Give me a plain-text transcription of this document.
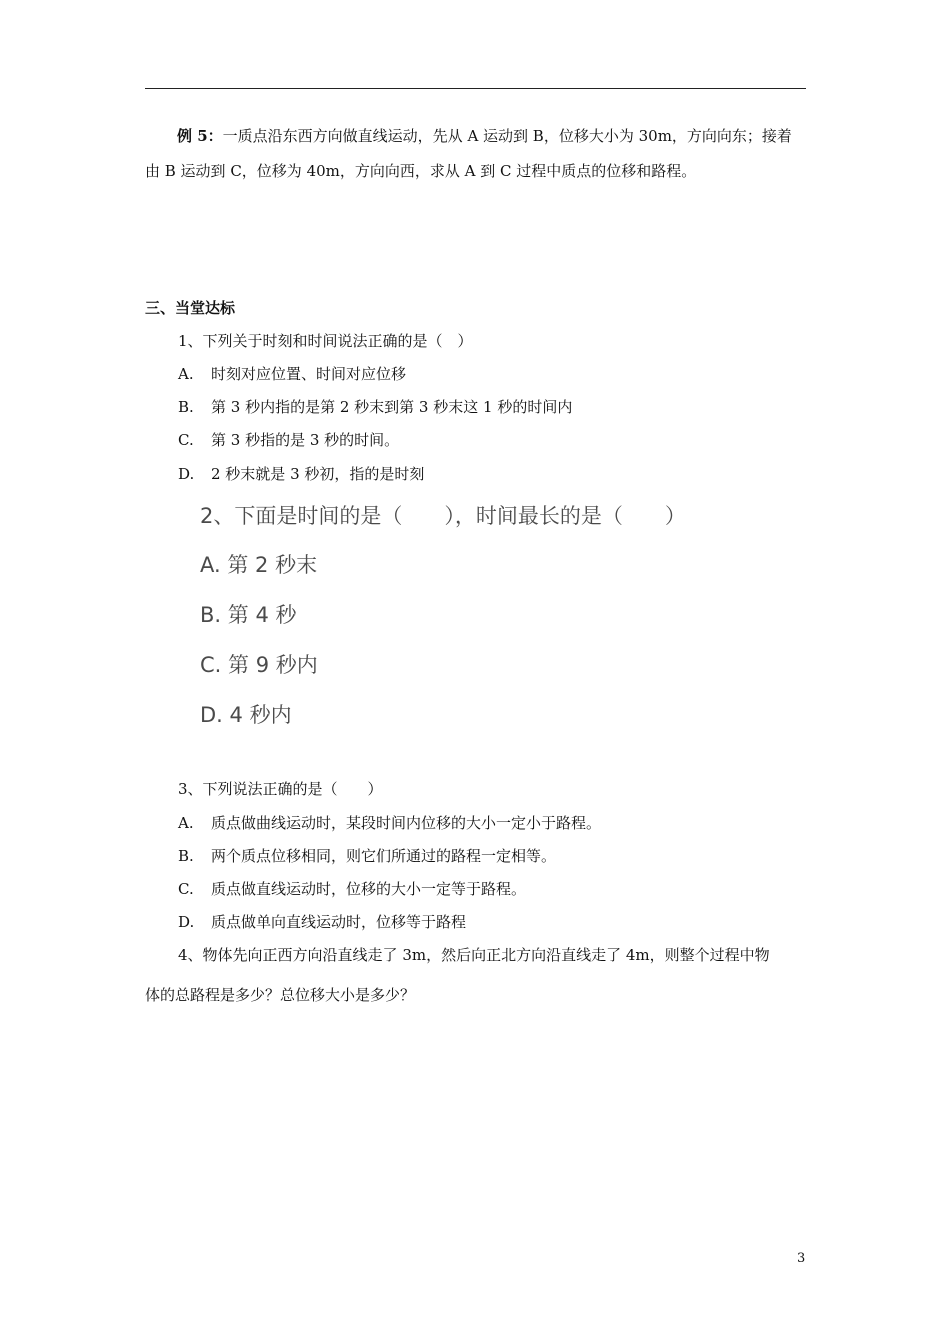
例 5：一质点沿东西方向做直线运动，先从 A 运动到 B，位移大小为 30m，方向向东；接着由 B 运动到 C，位移为 40m，方向向西，求从 A 到 C 过程中质点的位移和路程。
三、当堂达标
1、下列关于时刻和时间说法正确的是（　）
A. 时刻对应位置、时间对应位移
B. 第 3 秒内指的是第 2 秒末到第 3 秒末这 1 秒的时间内
C. 第 3 秒指的是 3 秒的时间。
D. 2 秒末就是 3 秒初，指的是时刻
2、下面是时间的是（　　），时间最长的是（　　）
A. 第 2 秒末
B. 第 4 秒
C. 第 9 秒内
D. 4 秒内
3、下列说法正确的是（　　）
A. 质点做曲线运动时，某段时间内位移的大小一定小于路程。
B. 两个质点位移相同，则它们所通过的路程一定相等。
C. 质点做直线运动时，位移的大小一定等于路程。
D. 质点做单向直线运动时，位移等于路程
4、物体先向正西方向沿直线走了 3m，然后向正北方向沿直线走了 4m，则整个过程中物
体的总路程是多少？总位移大小是多少？
3
